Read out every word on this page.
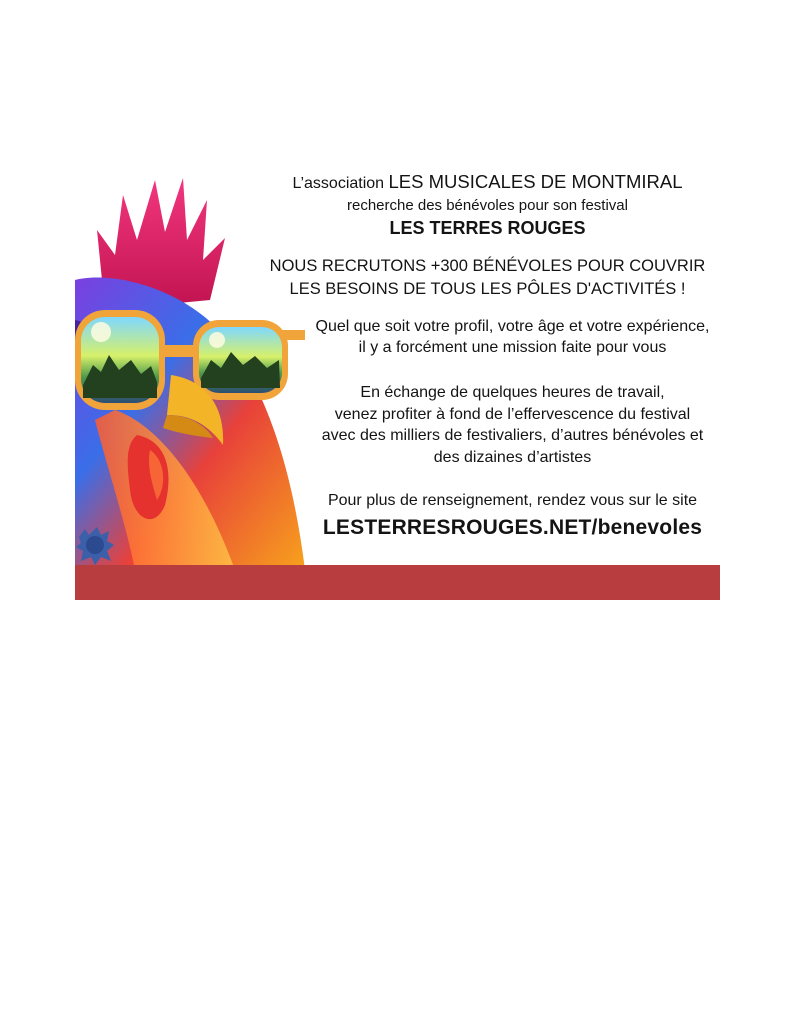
L’association LES MUSICALES DE MONTMIRAL
recherche des bénévoles pour son festival
LES TERRES ROUGES
NOUS RECRUTONS +300 BÉNÉVOLES POUR COUVRIR
LES BESOINS DE TOUS LES PÔLES D'ACTIVITÉS !
Quel que soit votre profil, votre âge et votre expérience,
il y a forcément une mission faite pour vous
En échange de quelques heures de travail,
venez profiter à fond de l’effervescence du festival
avec des milliers de festivaliers, d’autres bénévoles et
des dizaines d’artistes
Pour plus de renseignement, rendez vous sur le site
LESTERRESROUGES.NET/benevoles
